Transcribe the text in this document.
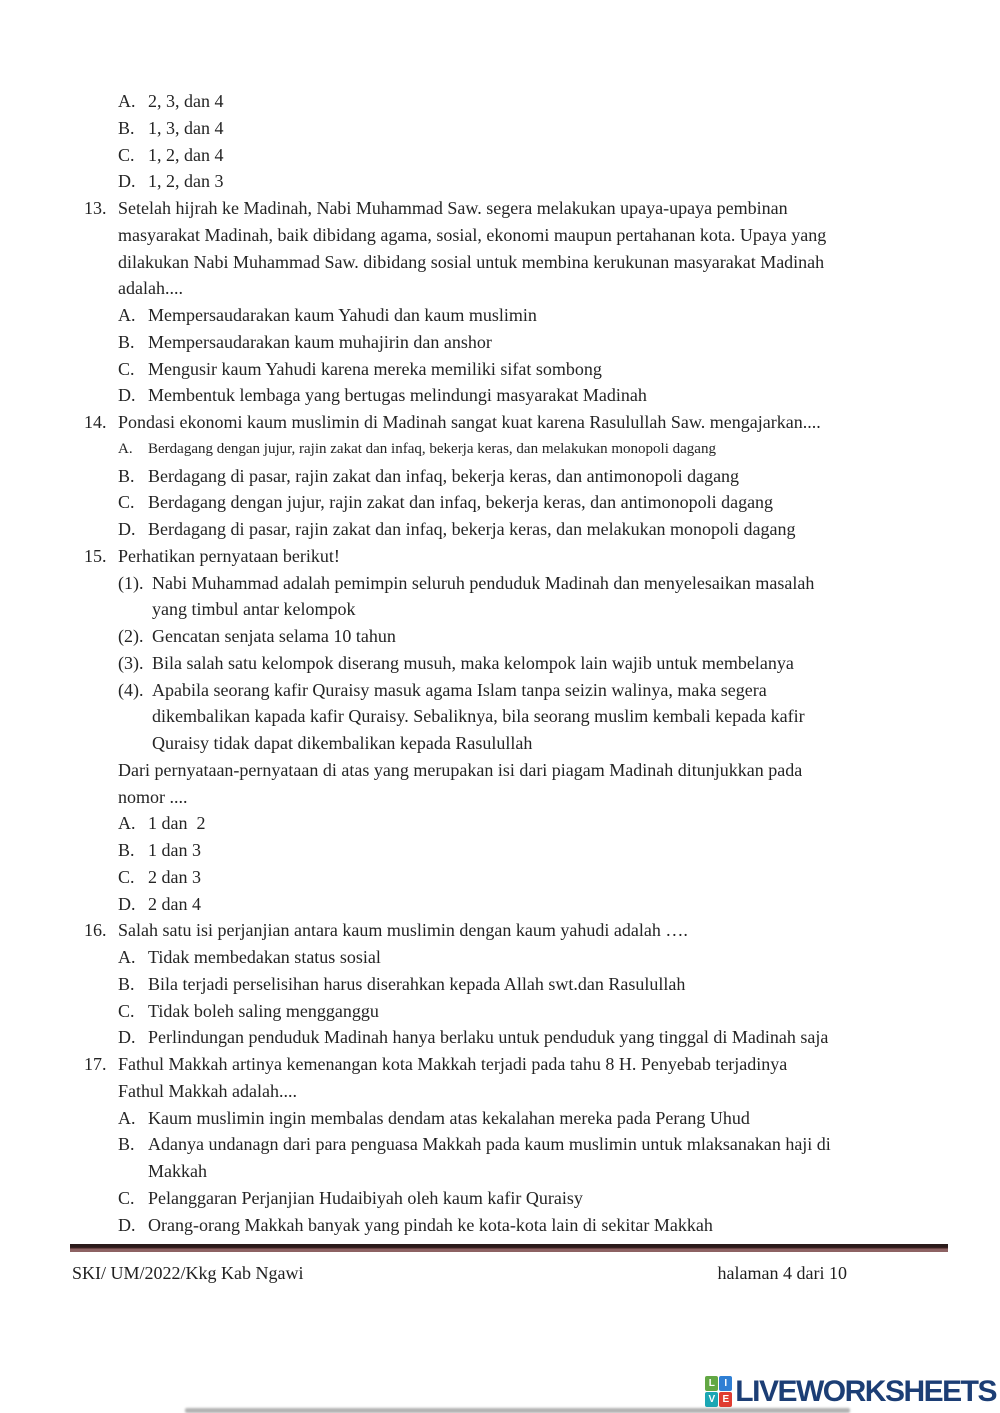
A. 2, 3, dan 4
B. 1, 3, dan 4
C. 1, 2, dan 4
D. 1, 2, dan 3
13. Setelah hijrah ke Madinah, Nabi Muhammad Saw. segera melakukan upaya-upaya pembinan
masyarakat Madinah, baik dibidang agama, sosial, ekonomi maupun pertahanan kota. Upaya yang
dilakukan Nabi Muhammad Saw. dibidang sosial untuk membina kerukunan masyarakat Madinah
adalah....
A. Mempersaudarakan kaum Yahudi dan kaum muslimin
B. Mempersaudarakan kaum muhajirin dan anshor
C. Mengusir kaum Yahudi karena mereka memiliki sifat sombong
D. Membentuk lembaga yang bertugas melindungi masyarakat Madinah
14. Pondasi ekonomi kaum muslimin di Madinah sangat kuat karena Rasulullah Saw. mengajarkan....
A. Berdagang dengan jujur, rajin zakat dan infaq, bekerja keras, dan melakukan monopoli dagang
B. Berdagang di pasar, rajin zakat dan infaq, bekerja keras, dan antimonopoli dagang
C. Berdagang dengan jujur, rajin zakat dan infaq, bekerja keras, dan antimonopoli dagang
D. Berdagang di pasar, rajin zakat dan infaq, bekerja keras, dan melakukan monopoli dagang
15. Perhatikan pernyataan berikut!
(1). Nabi Muhammad adalah pemimpin seluruh penduduk Madinah dan menyelesaikan masalah
yang timbul antar kelompok
(2). Gencatan senjata selama 10 tahun
(3). Bila salah satu kelompok diserang musuh, maka kelompok lain wajib untuk membelanya
(4). Apabila seorang kafir Quraisy masuk agama Islam tanpa seizin walinya, maka segera
dikembalikan kapada kafir Quraisy. Sebaliknya, bila seorang muslim kembali kepada kafir
Quraisy tidak dapat dikembalikan kepada Rasulullah
Dari pernyataan-pernyataan di atas yang merupakan isi dari piagam Madinah ditunjukkan pada
nomor ....
A. 1 dan  2
B. 1 dan 3
C. 2 dan 3
D. 2 dan 4
16. Salah satu isi perjanjian antara kaum muslimin dengan kaum yahudi adalah ….
A. Tidak membedakan status sosial
B. Bila terjadi perselisihan harus diserahkan kepada Allah swt.dan Rasulullah
C. Tidak boleh saling mengganggu
D. Perlindungan penduduk Madinah hanya berlaku untuk penduduk yang tinggal di Madinah saja
17. Fathul Makkah artinya kemenangan kota Makkah terjadi pada tahu 8 H. Penyebab terjadinya
Fathul Makkah adalah....
A. Kaum muslimin ingin membalas dendam atas kekalahan mereka pada Perang Uhud
B. Adanya undanagn dari para penguasa Makkah pada kaum muslimin untuk mlaksanakan haji di
Makkah
C. Pelanggaran Perjanjian Hudaibiyah oleh kaum kafir Quraisy
D. Orang-orang Makkah banyak yang pindah ke kota-kota lain di sekitar Makkah
SKI/ UM/2022/Kkg Kab Ngawi	halaman 4 dari 10
L I
V E LIVEWORKSHEETS
